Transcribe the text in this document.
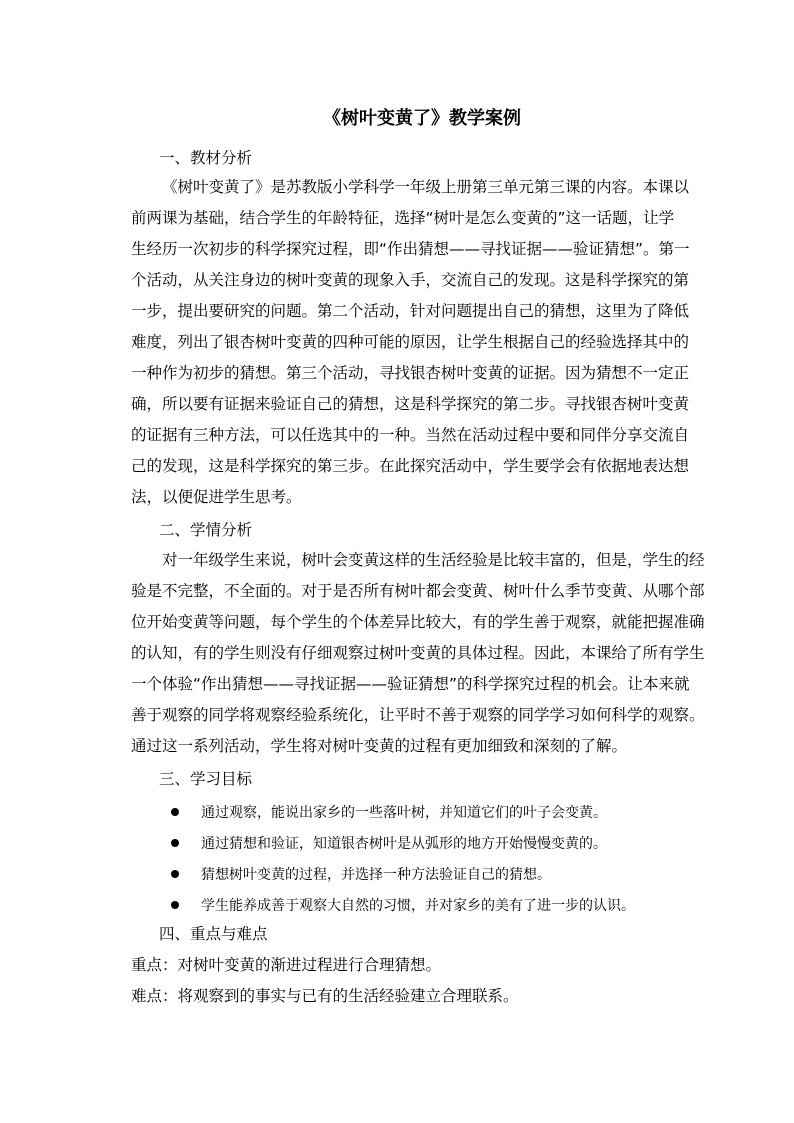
《树叶变黄了》教学案例
一、教材分析
《树叶变黄了》是苏教版小学科学一年级上册第三单元第三课的内容。本课以
前两课为基础，结合学生的年龄特征，选择“树叶是怎么变黄的”这一话题，让学
生经历一次初步的科学探究过程，即“作出猜想——寻找证据——验证猜想”。第一
个活动，从关注身边的树叶变黄的现象入手，交流自己的发现。这是科学探究的第
一步，提出要研究的问题。第二个活动，针对问题提出自己的猜想，这里为了降低
难度，列出了银杏树叶变黄的四种可能的原因，让学生根据自己的经验选择其中的
一种作为初步的猜想。第三个活动，寻找银杏树叶变黄的证据。因为猜想不一定正
确，所以要有证据来验证自己的猜想，这是科学探究的第二步。寻找银杏树叶变黄
的证据有三种方法，可以任选其中的一种。当然在活动过程中要和同伴分享交流自
己的发现，这是科学探究的第三步。在此探究活动中，学生要学会有依据地表达想
法，以便促进学生思考。
二、学情分析
对一年级学生来说，树叶会变黄这样的生活经验是比较丰富的，但是，学生的经
验是不完整，不全面的。对于是否所有树叶都会变黄、树叶什么季节变黄、从哪个部
位开始变黄等问题，每个学生的个体差异比较大，有的学生善于观察，就能把握准确
的认知，有的学生则没有仔细观察过树叶变黄的具体过程。因此，本课给了所有学生
一个体验“作出猜想——寻找证据——验证猜想”的科学探究过程的机会。让本来就
善于观察的同学将观察经验系统化，让平时不善于观察的同学学习如何科学的观察。
通过这一系列活动，学生将对树叶变黄的过程有更加细致和深刻的了解。
三、学习目标
通过观察，能说出家乡的一些落叶树，并知道它们的叶子会变黄。
通过猜想和验证，知道银杏树叶是从弧形的地方开始慢慢变黄的。
猜想树叶变黄的过程，并选择一种方法验证自己的猜想。
学生能养成善于观察大自然的习惯，并对家乡的美有了进一步的认识。
四、重点与难点
重点：对树叶变黄的渐进过程进行合理猜想。
难点：将观察到的事实与已有的生活经验建立合理联系。
